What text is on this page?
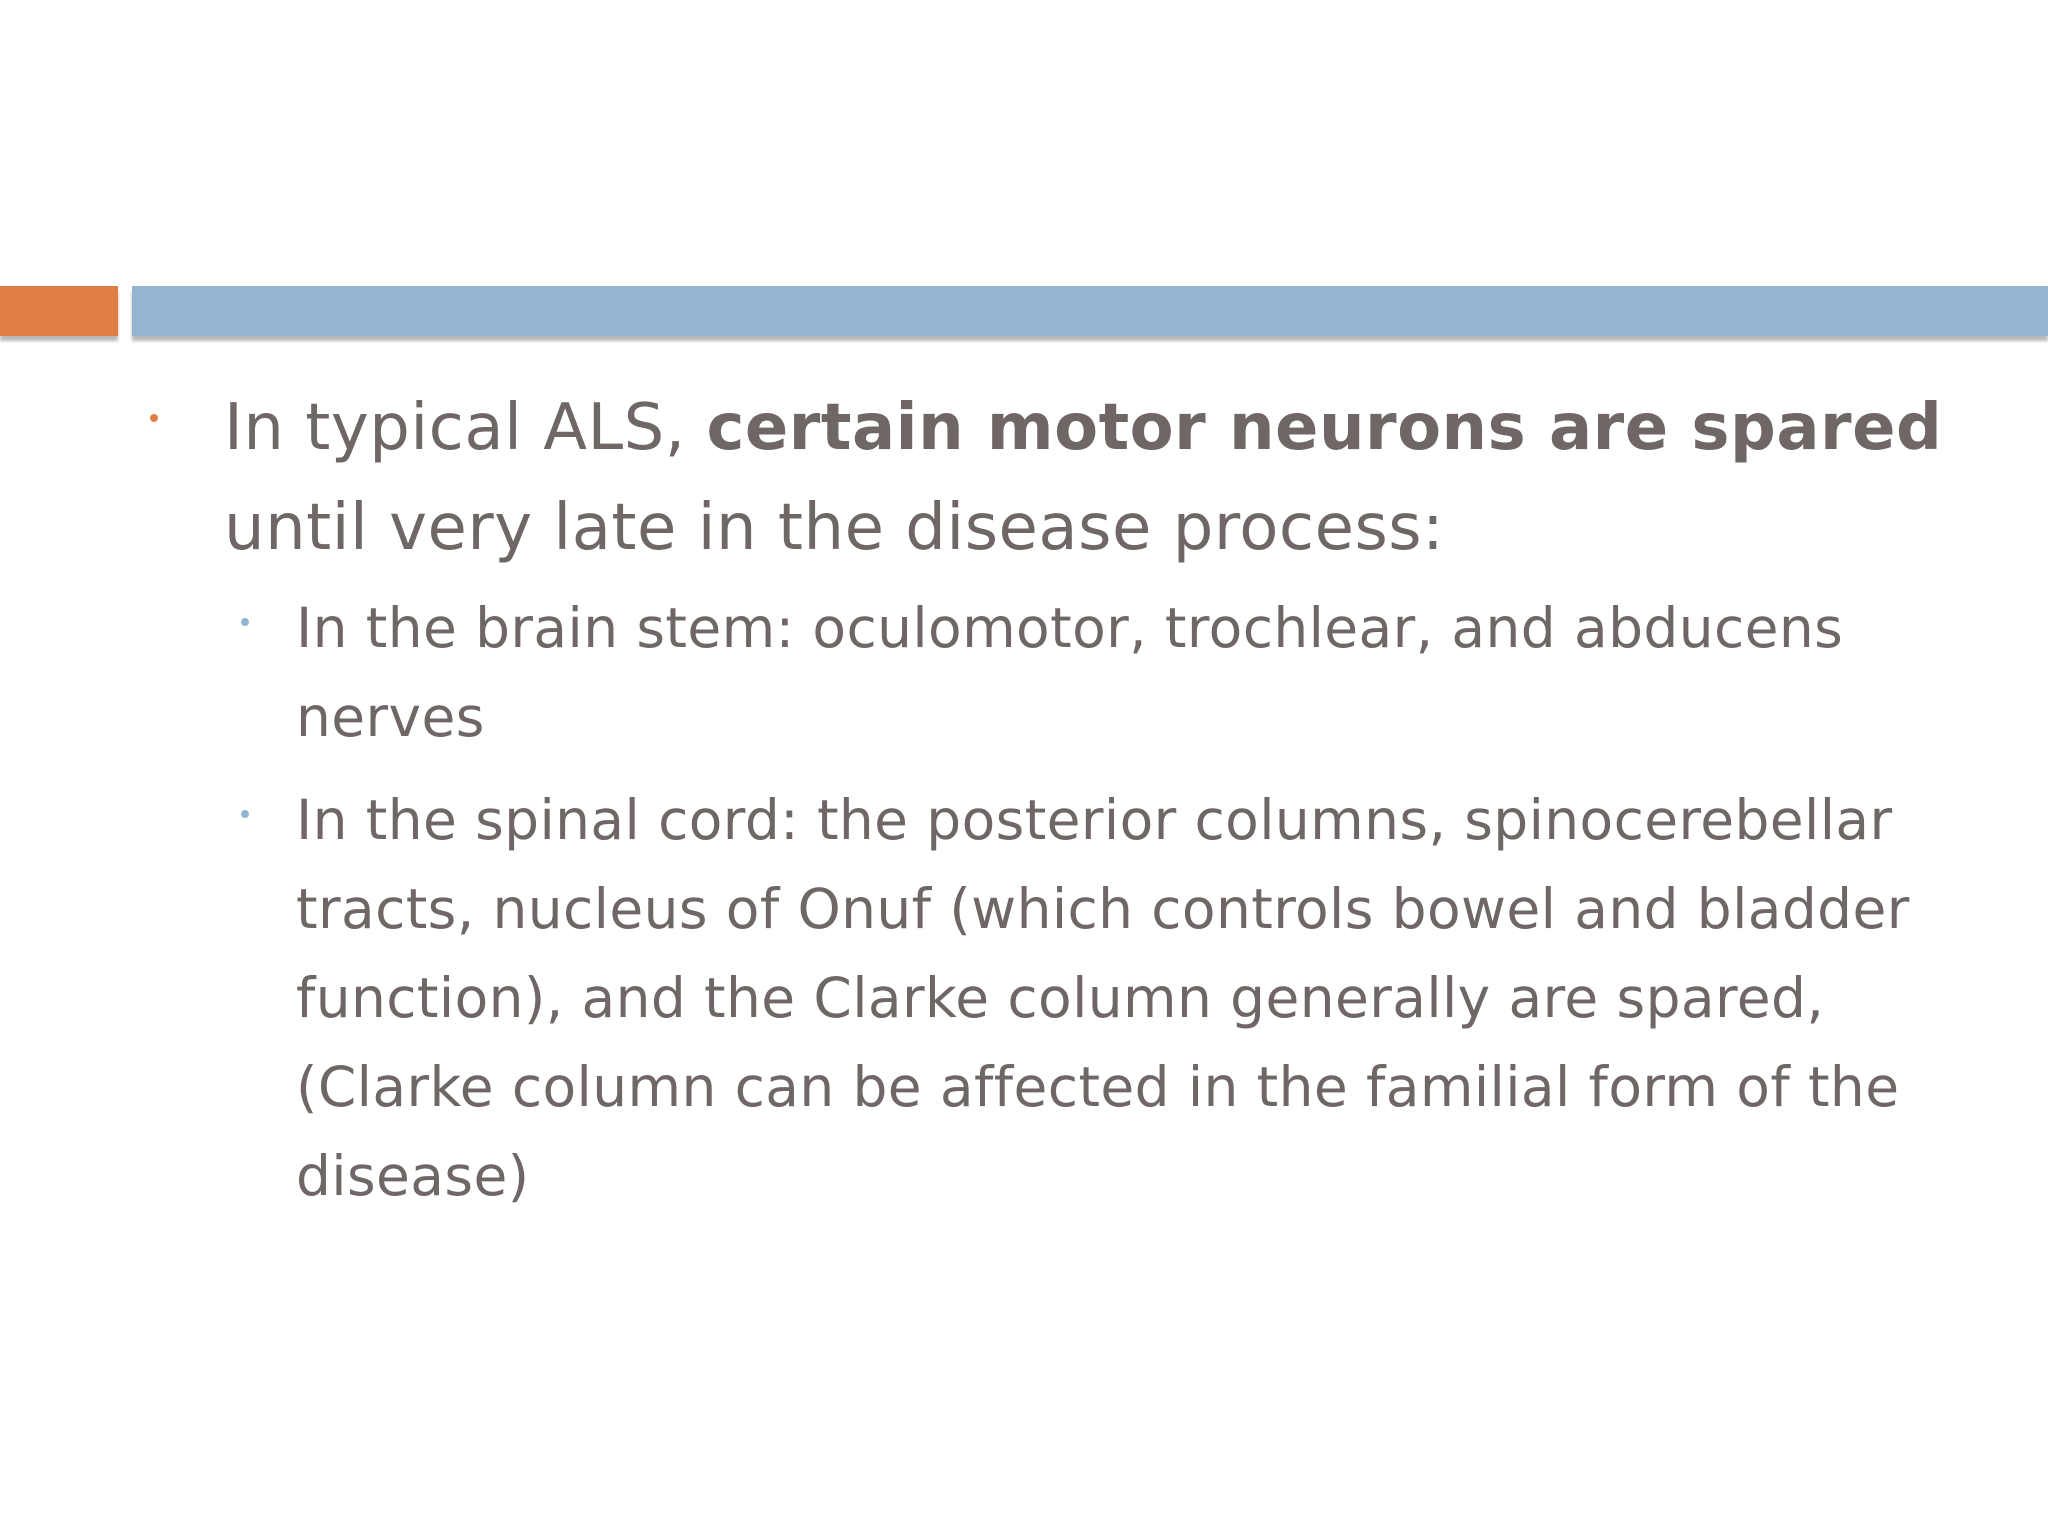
In typical ALS, certain motor neurons are spared until very late in the disease process:
In the brain stem: oculomotor, trochlear, and abducens nerves
In the spinal cord: the posterior columns, spinocerebellar tracts, nucleus of Onuf (which controls bowel and bladder function), and the Clarke column generally are spared, (Clarke column can be affected in the familial form of the disease)
